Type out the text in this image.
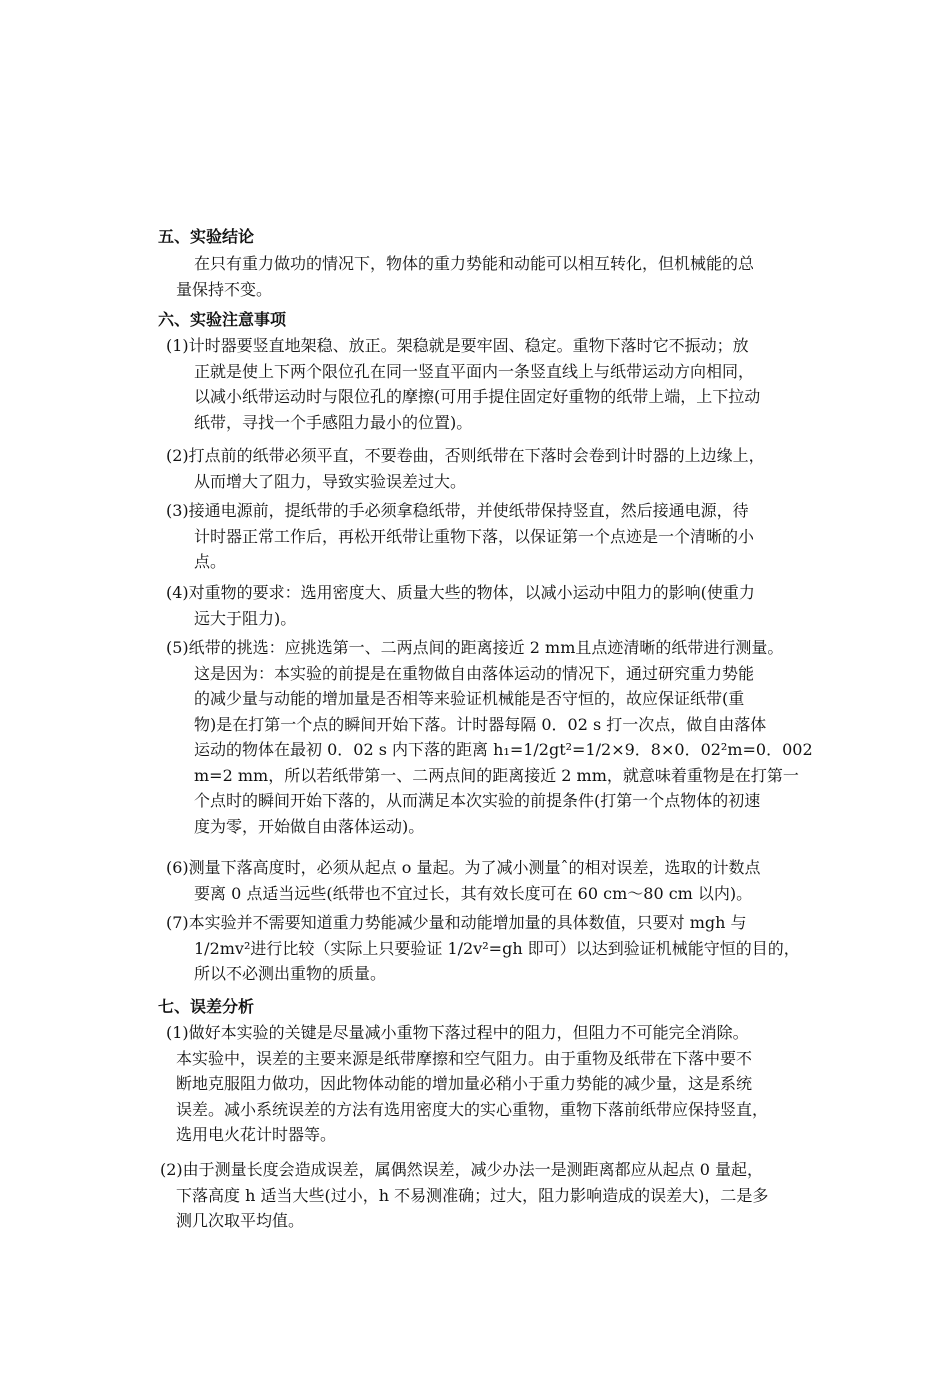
五、实验结论
在只有重力做功的情况下，物体的重力势能和动能可以相互转化，但机械能的总
量保持不变。
六、实验注意事项
(1)计时器要竖直地架稳、放正。架稳就是要牢固、稳定。重物下落时它不振动；放
正就是使上下两个限位孔在同一竖直平面内一条竖直线上与纸带运动方向相同，
以减小纸带运动时与限位孔的摩擦(可用手提住固定好重物的纸带上端，上下拉动
纸带，寻找一个手感阻力最小的位置)。
(2)打点前的纸带必须平直，不要卷曲，否则纸带在下落时会卷到计时器的上边缘上，
从而增大了阻力，导致实验误差过大。
(3)接通电源前，提纸带的手必须拿稳纸带，并使纸带保持竖直，然后接通电源，待
计时器正常工作后，再松开纸带让重物下落，以保证第一个点迹是一个清晰的小
点。
(4)对重物的要求：选用密度大、质量大些的物体，以减小运动中阻力的影响(使重力
远大于阻力)。
(5)纸带的挑选：应挑选第一、二两点间的距离接近 2 mm且点迹清晰的纸带进行测量。
这是因为：本实验的前提是在重物做自由落体运动的情况下，通过研究重力势能
的减少量与动能的增加量是否相等来验证机械能是否守恒的，故应保证纸带(重
物)是在打第一个点的瞬间开始下落。计时器每隔 0．02 s 打一次点，做自由落体
运动的物体在最初 0．02 s 内下落的距离 h₁=1/2gt²=1/2×9．8×0．02²m=0．002
m=2 mm，所以若纸带第一、二两点间的距离接近 2 mm，就意味着重物是在打第一
个点时的瞬间开始下落的，从而满足本次实验的前提条件(打第一个点物体的初速
度为零，开始做自由落体运动)。
(6)测量下落高度时，必须从起点 o 量起。为了减小测量ˆ的相对误差，选取的计数点
要离 0 点适当远些(纸带也不宜过长，其有效长度可在 60 cm～80 cm 以内)。
(7)本实验并不需要知道重力势能减少量和动能增加量的具体数值，只要对 mgh 与
1/2mv²进行比较（实际上只要验证 1/2v²=gh 即可）以达到验证机械能守恒的目的，
所以不必测出重物的质量。
七、误差分析
(1)做好本实验的关键是尽量减小重物下落过程中的阻力，但阻力不可能完全消除。
本实验中，误差的主要来源是纸带摩擦和空气阻力。由于重物及纸带在下落中要不
断地克服阻力做功，因此物体动能的增加量必稍小于重力势能的减少量，这是系统
误差。减小系统误差的方法有选用密度大的实心重物，重物下落前纸带应保持竖直，
选用电火花计时器等。
(2)由于测量长度会造成误差，属偶然误差，减少办法一是测距离都应从起点 0 量起，
下落高度 h 适当大些(过小，h 不易测准确；过大，阻力影响造成的误差大)，二是多
测几次取平均值。
